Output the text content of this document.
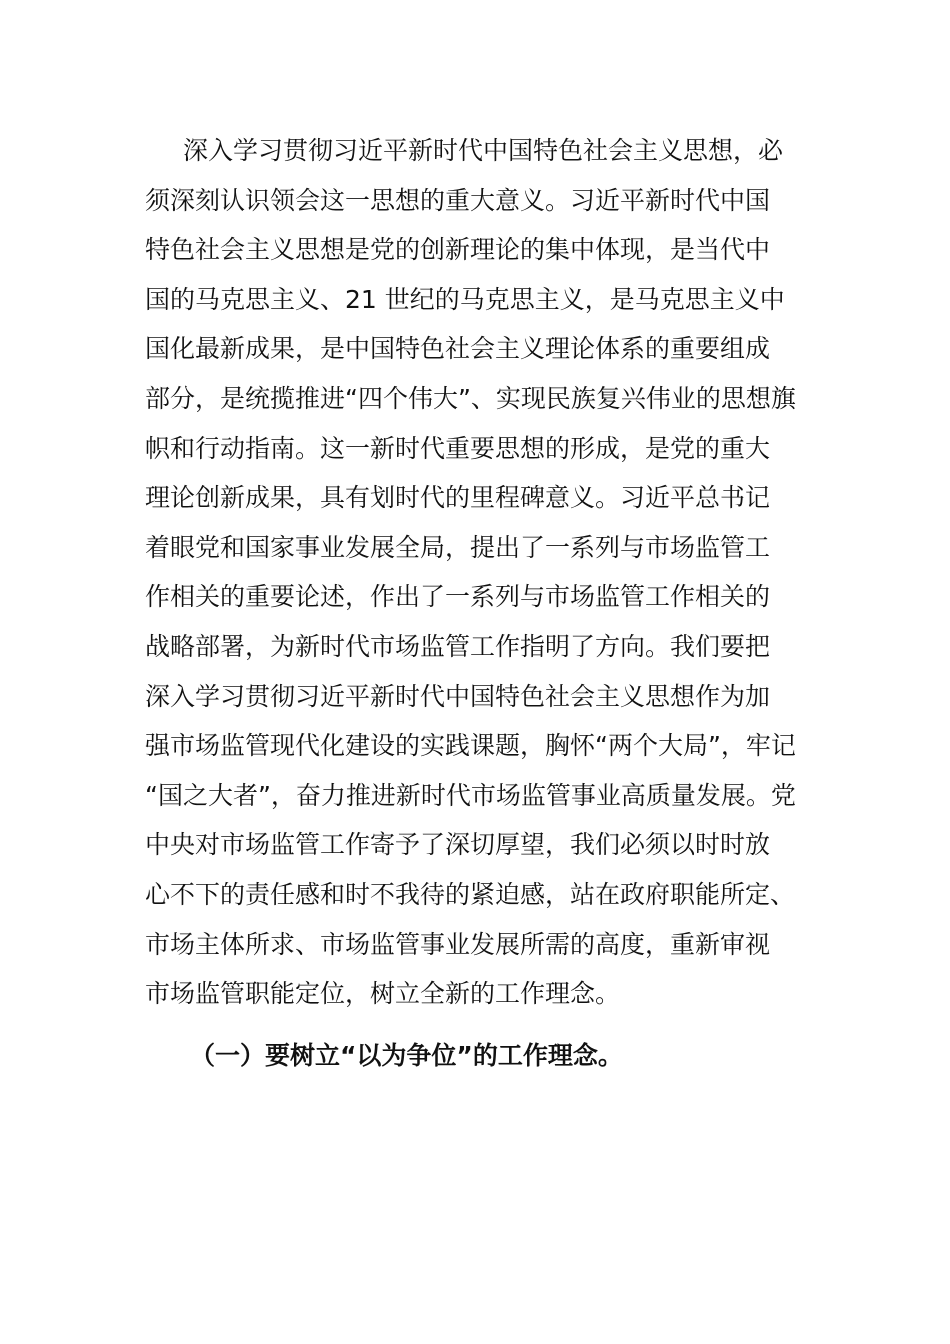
深入学习贯彻习近平新时代中国特色社会主义思想，必
须深刻认识领会这一思想的重大意义。习近平新时代中国
特色社会主义思想是党的创新理论的集中体现，是当代中
国的马克思主义、21 世纪的马克思主义，是马克思主义中
国化最新成果，是中国特色社会主义理论体系的重要组成
部分，是统揽推进“四个伟大”、实现民族复兴伟业的思想旗
帜和行动指南。这一新时代重要思想的形成，是党的重大
理论创新成果，具有划时代的里程碑意义。习近平总书记
着眼党和国家事业发展全局，提出了一系列与市场监管工
作相关的重要论述，作出了一系列与市场监管工作相关的
战略部署，为新时代市场监管工作指明了方向。我们要把
深入学习贯彻习近平新时代中国特色社会主义思想作为加
强市场监管现代化建设的实践课题，胸怀“两个大局”，牢记
“国之大者”，奋力推进新时代市场监管事业高质量发展。党
中央对市场监管工作寄予了深切厚望，我们必须以时时放
心不下的责任感和时不我待的紧迫感，站在政府职能所定、
市场主体所求、市场监管事业发展所需的高度，重新审视
市场监管职能定位，树立全新的工作理念。
（一）要树立“以为争位”的工作理念。
